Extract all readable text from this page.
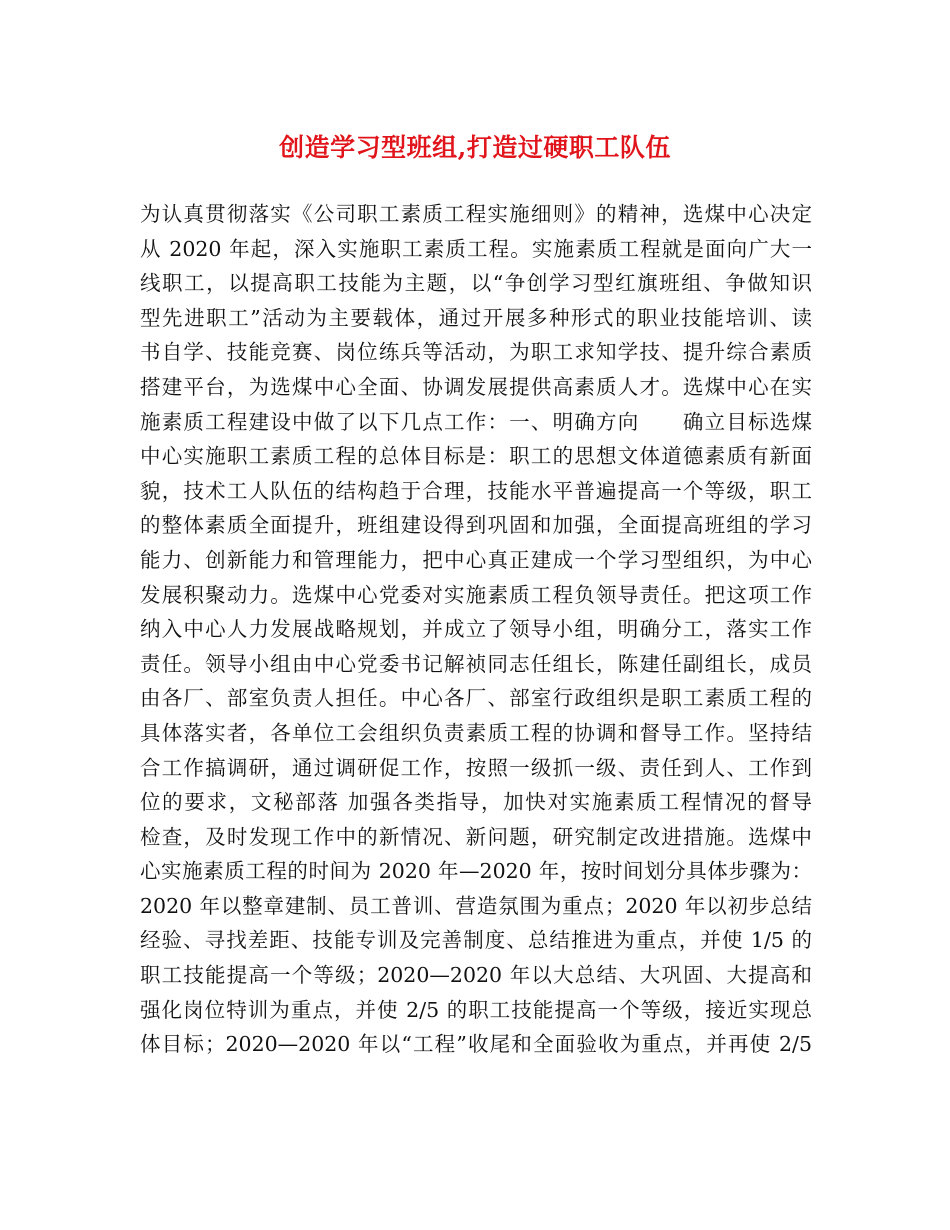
创造学习型班组,打造过硬职工队伍
为认真贯彻落实《公司职工素质工程实施细则》的精神，选煤中心决定
从 2020 年起，深入实施职工素质工程。实施素质工程就是面向广大一
线职工，以提高职工技能为主题，以“争创学习型红旗班组、争做知识
型先进职工”活动为主要载体，通过开展多种形式的职业技能培训、读
书自学、技能竞赛、岗位练兵等活动，为职工求知学技、提升综合素质
搭建平台，为选煤中心全面、协调发展提供高素质人才。选煤中心在实
施素质工程建设中做了以下几点工作：一、明确方向　　确立目标选煤
中心实施职工素质工程的总体目标是：职工的思想文体道德素质有新面
貌，技术工人队伍的结构趋于合理，技能水平普遍提高一个等级，职工
的整体素质全面提升，班组建设得到巩固和加强，全面提高班组的学习
能力、创新能力和管理能力，把中心真正建成一个学习型组织，为中心
发展积聚动力。选煤中心党委对实施素质工程负领导责任。把这项工作
纳入中心人力发展战略规划，并成立了领导小组，明确分工，落实工作
责任。领导小组由中心党委书记解祯同志任组长，陈建任副组长，成员
由各厂、部室负责人担任。中心各厂、部室行政组织是职工素质工程的
具体落实者，各单位工会组织负责素质工程的协调和督导工作。坚持结
合工作搞调研，通过调研促工作，按照一级抓一级、责任到人、工作到
位的要求，文秘部落 加强各类指导，加快对实施素质工程情况的督导
检查，及时发现工作中的新情况、新问题，研究制定改进措施。选煤中
心实施素质工程的时间为 2020 年—2020 年，按时间划分具体步骤为：
2020 年以整章建制、员工普训、营造氛围为重点；2020 年以初步总结
经验、寻找差距、技能专训及完善制度、总结推进为重点，并使 1/5 的
职工技能提高一个等级；2020—2020 年以大总结、大巩固、大提高和
强化岗位特训为重点，并使 2/5 的职工技能提高一个等级，接近实现总
体目标；2020—2020 年以“工程”收尾和全面验收为重点，并再使 2/5
